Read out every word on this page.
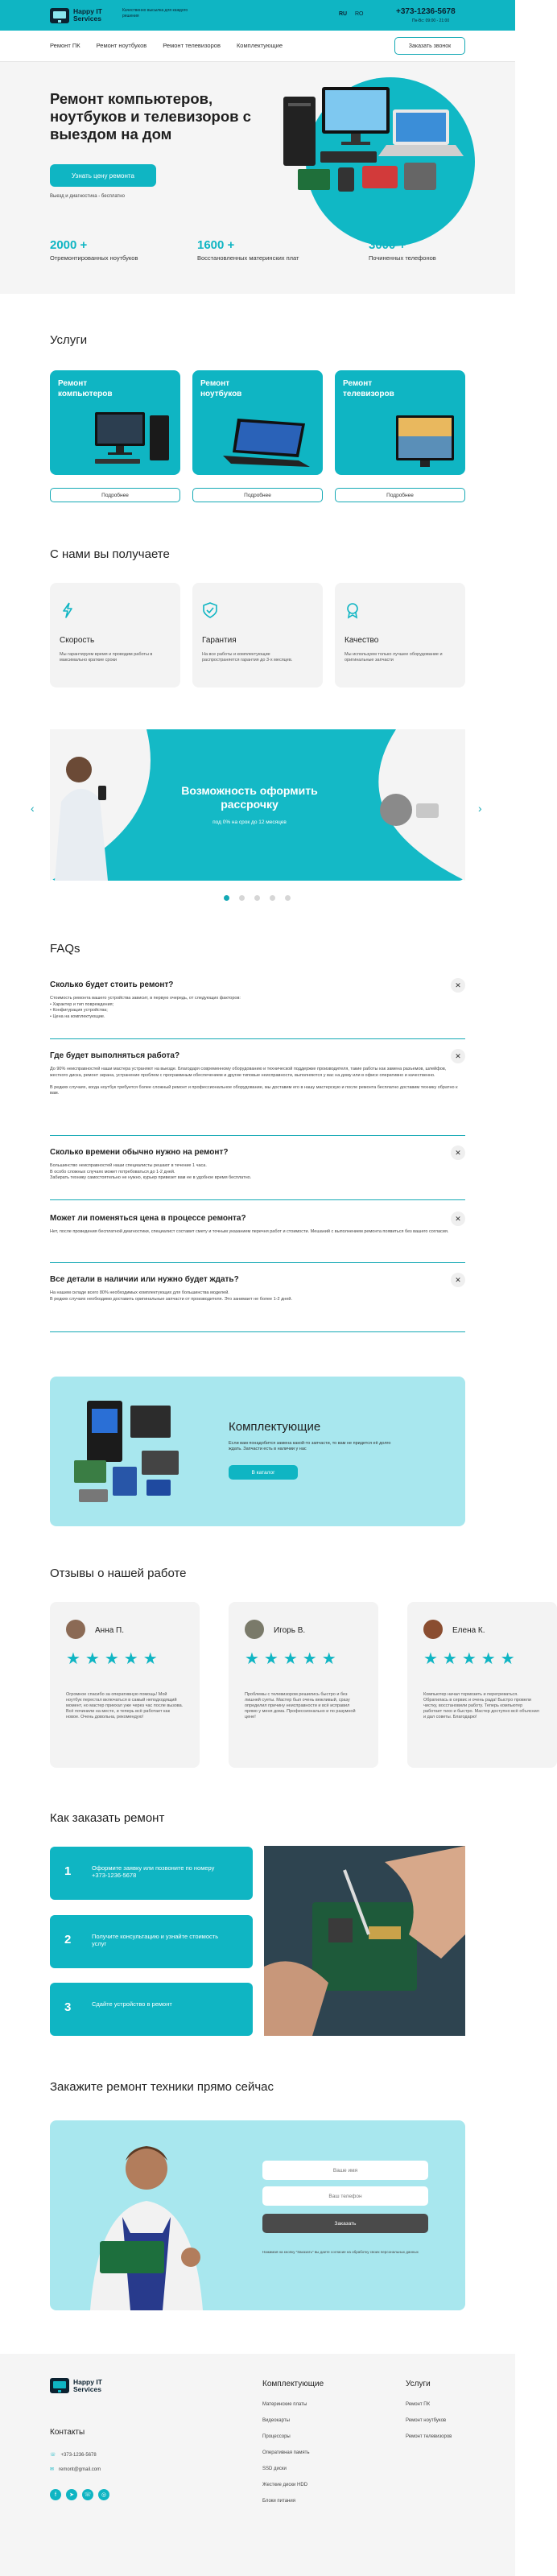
Happy IT
Services
Качественно высылка для каждого решения	RU RO	+373-1236-5678
Пн-Вс: 09:00 - 21:00
Ремонт ПК	Ремонт ноутбуков	Ремонт телевизоров	Комплектующие	Заказать звонок
Ремонт компьютеров, ноутбуков и телевизоров с выездом на дом
Узнать цену ремонта
Выезд и диагностика - бесплатно
2000 +
Отремонтированных ноутбуков
1600 +
Восстановленных материнских плат
3000 +
Починенных телефонов
Услуги
Ремонт компьютеров
Ремонт ноутбуков
Ремонт телевизоров
Подробнее	Подробнее	Подробнее
С нами вы получаете
Скорость
Мы гарантируем время и проводим работы в максимально краткие сроки
Гарантия
На все работы и комплектующие распространяется гарантия до 3-х месяцев.
Качество
Мы используем только лучшее оборудование и оригинальные запчасти
Возможность оформить рассрочку
под 0% на срок до 12 месяцев
‹	›
FAQs
Сколько будет стоить ремонт?
Стоимость ремонта вашего устройства зависит, в первую очередь, от следующих факторов:
• Характер и тип повреждения;
• Конфигурация устройства;
• Цена на комплектующие.
✕
Где будет выполняться работа?
До 90% неисправностей наши мастера устраняют на выезде. Благодаря современному оборудованию и технической поддержке производителя, такие работы как замена разъемов, шлейфов, жесткого диска, ремонт экрана, устранение проблем с программным обеспечением и другие типовые неисправности, выполняются у вас на дому или в офисе оперативно и качественно.

В редких случаях, когда ноутбук требуется более сложный ремонт и профессиональное оборудование, мы доставим его в нашу мастерскую и после ремонта бесплатно доставим технику обратно к вам.
✕
Сколько времени обычно нужно на ремонт?
Большинство неисправностей наши специалисты решают в течение 1 часа.
В особо сложных случаях может потребоваться до 1-2 дней.
Забирать технику самостоятельно не нужно, курьер привезет вам ее в удобное время бесплатно.
✕
Может ли поменяться цена в процессе ремонта?
Нет, после проведения бесплатной диагностики, специалист составит смету и точным указанием перечня работ и стоимости. Мешаний с выполнением ремонта появиться без вашего согласия.
✕
Все детали в наличии или нужно будет ждать?
На нашем складе всего 80% необходимых комплектующих для большинства моделей.
В редких случаях необходимо доставить оригинальные запчасти от производителя. Это занимает не более 1-2 дней.
✕
Комплектующие
Если вам понадобится замена какой-то запчасти, то вам не придется её долго ждать. Запчасти есть в наличии у нас
В каталог
Отзывы о нашей работе
Анна П.
★★★★★
Огромное спасибо за оперативную помощь! Мой ноутбук перестал включаться в самый неподходящий момент, но мастер приехал уже через час после вызова. Всё починили на месте, и теперь всё работает как новое. Очень довольна, рекомендую!
Игорь В.
★★★★★
Проблемы с телевизором решились быстро и без лишней суеты. Мастер был очень вежливый, сразу определил причину неисправности и всё исправил прямо у меня дома. Профессионально и по разумной цене!
Елена К.
★★★★★
Компьютер начал тормозить и перегреваться. Обратилась в сервис и очень рада! Быстро провели чистку, восстановили работу. Теперь компьютер работает тихо и быстро. Мастер доступно всё объяснил и дал советы. Благодарю!
Как заказать ремонт
1	Оформите заявку или позвоните по номеру +373-1236-5678
2	Получите консультацию и узнайте стоимость услуг
3	Сдайте устройство в ремонт
Закажите ремонт техники прямо сейчас
Ваше имя
Ваш телефон
Заказать
Нажимая на кнопку "Заказать" вы даете согласие на обработку своих персональных данных
Happy IT
Services
Контакты
☏ +373-1236-5678
✉ remont@gmail.com
f	➤	☏	◎
Комплектующие
Материнские платы
Видеокарты
Процессоры
Оперативная память
SSD диски
Жесткие диски HDD
Блоки питания
Услуги
Ремонт ПК
Ремонт ноутбуков
Ремонт телевизоров
